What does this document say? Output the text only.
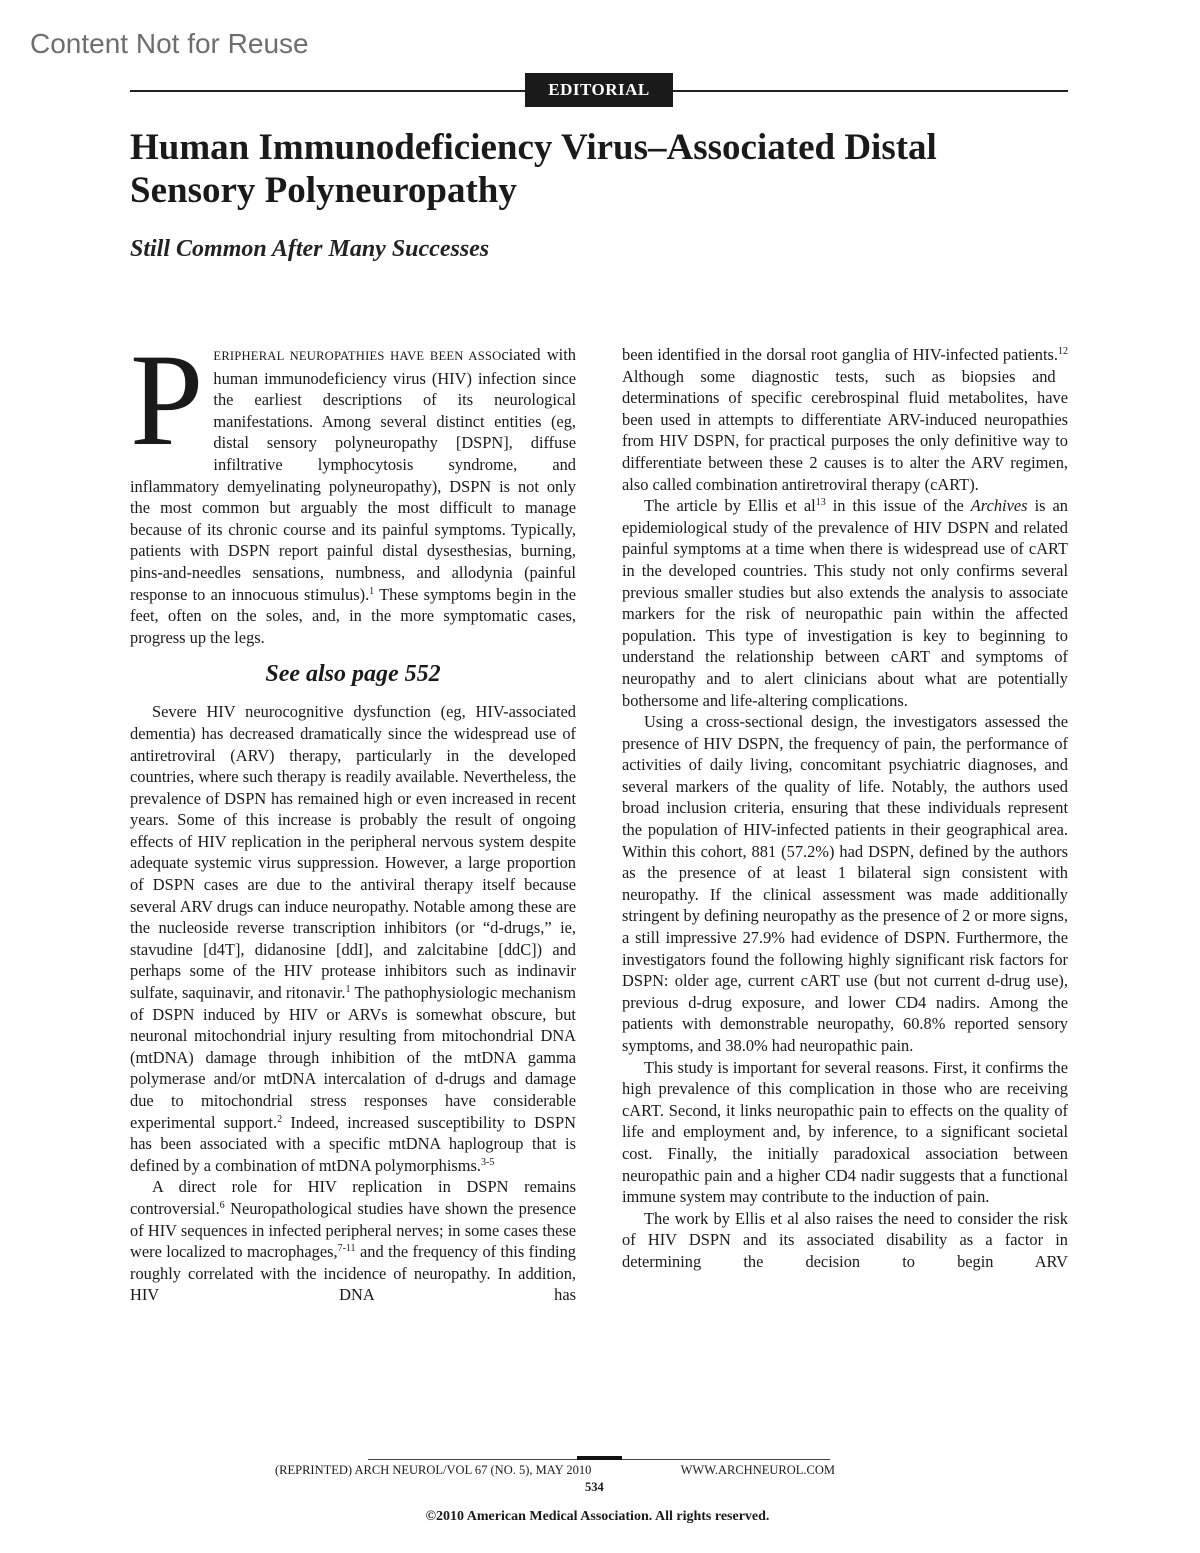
Content Not for Reuse
EDITORIAL
Human Immunodeficiency Virus–Associated Distal Sensory Polyneuropathy
Still Common After Many Successes

PERIPHERAL NEUROPATHIES HAVE BEEN ASSOciated with human immunodeficiency virus (HIV) infection since the earliest descriptions of its neurological manifestations. Among several distinct entities (eg, distal sensory polyneuropathy [DSPN], diffuse infiltrative lymphocytosis syndrome, and inflammatory demyelinating polyneuropathy), DSPN is not only the most common but arguably the most difficult to manage because of its chronic course and its painful symptoms. Typically, patients with DSPN report painful distal dysesthesias, burning, pins-and-needles sensations, numbness, and allodynia (painful response to an innocuous stimulus).$^1$ These symptoms begin in the feet, often on the soles, and, in the more symptomatic cases, progress up the legs.

See also page 552

Severe HIV neurocognitive dysfunction (eg, HIV-associated dementia) has decreased dramatically since the widespread use of antiretroviral (ARV) therapy, particularly in the developed countries, where such therapy is readily available. Nevertheless, the prevalence of DSPN has remained high or even increased in recent years. Some of this increase is probably the result of ongoing effects of HIV replication in the peripheral nervous system despite adequate systemic virus suppression. However, a large proportion of DSPN cases are due to the antiviral therapy itself because several ARV drugs can induce neuropathy. Notable among these are the nucleoside reverse transcription inhibitors (or “d-drugs,” ie, stavudine [d4T], didanosine [ddI], and zalcitabine [ddC]) and perhaps some of the HIV protease inhibitors such as indinavir sulfate, saquinavir, and ritonavir.$^1$ The pathophysiologic mechanism of DSPN induced by HIV or ARVs is somewhat obscure, but neuronal mitochondrial injury resulting from mitochondrial DNA (mtDNA) damage through inhibition of the mtDNA gamma polymerase and/or mtDNA intercalation of d-drugs and damage due to mitochondrial stress responses have considerable experimental support.$^2$ Indeed, increased susceptibility to DSPN has been associated with a specific mtDNA haplogroup that is defined by a combination of mtDNA polymorphisms.$^{3-5}$

A direct role for HIV replication in DSPN remains controversial.$^6$ Neuropathological studies have shown the presence of HIV sequences in infected peripheral nerves; in some cases these were localized to macrophages,$^{7-11}$ and the frequency of this finding roughly correlated with the incidence of neuropathy. In addition, HIV DNA has

been identified in the dorsal root ganglia of HIV-infected patients.$^{12}$ Although some diagnostic tests, such as biopsies and determinations of specific cerebrospinal fluid metabolites, have been used in attempts to differentiate ARV-induced neuropathies from HIV DSPN, for practical purposes the only definitive way to differentiate between these 2 causes is to alter the ARV regimen, also called combination antiretroviral therapy (cART).

The article by Ellis et $al^{13}$ in this issue of the Archives is an epidemiological study of the prevalence of HIV DSPN and related painful symptoms at a time when there is widespread use of cART in the developed countries. This study not only confirms several previous smaller studies but also extends the analysis to associate markers for the risk of neuropathic pain within the affected population. This type of investigation is key to beginning to understand the relationship between cART and symptoms of neuropathy and to alert clinicians about what are potentially bothersome and life-altering complications.

Using a cross-sectional design, the investigators assessed the presence of HIV DSPN, the frequency of pain, the performance of activities of daily living, concomitant psychiatric diagnoses, and several markers of the quality of life. Notably, the authors used broad inclusion criteria, ensuring that these individuals represent the population of HIV-infected patients in their geographical area. Within this cohort, 881 (57.2%) had DSPN, defined by the authors as the presence of at least 1 bilateral sign consistent with neuropathy. If the clinical assessment was made additionally stringent by defining neuropathy as the presence of 2 or more signs, a still impressive 27.9% had evidence of DSPN. Furthermore, the investigators found the following highly significant risk factors for DSPN: older age, current cART use (but not current d-drug use), previous d-drug exposure, and lower CD4 nadirs. Among the patients with demonstrable neuropathy, 60.8% reported sensory symptoms, and 38.0% had neuropathic pain.

This study is important for several reasons. First, it confirms the high prevalence of this complication in those who are receiving cART. Second, it links neuropathic pain to effects on the quality of life and employment and, by inference, to a significant societal cost. Finally, the initially paradoxical association between neuropathic pain and a higher CD4 nadir suggests that a functional immune system may contribute to the induction of pain.

The work by Ellis et al also raises the need to consider the risk of HIV DSPN and its associated disability as a factor in determining the decision to begin ARV

(REPRINTED) ARCH NEUROL/VOL 67 (NO. 5), MAY 2010	WWW.ARCHNEUROL.COM
534
©2010 American Medical Association. All rights reserved.
